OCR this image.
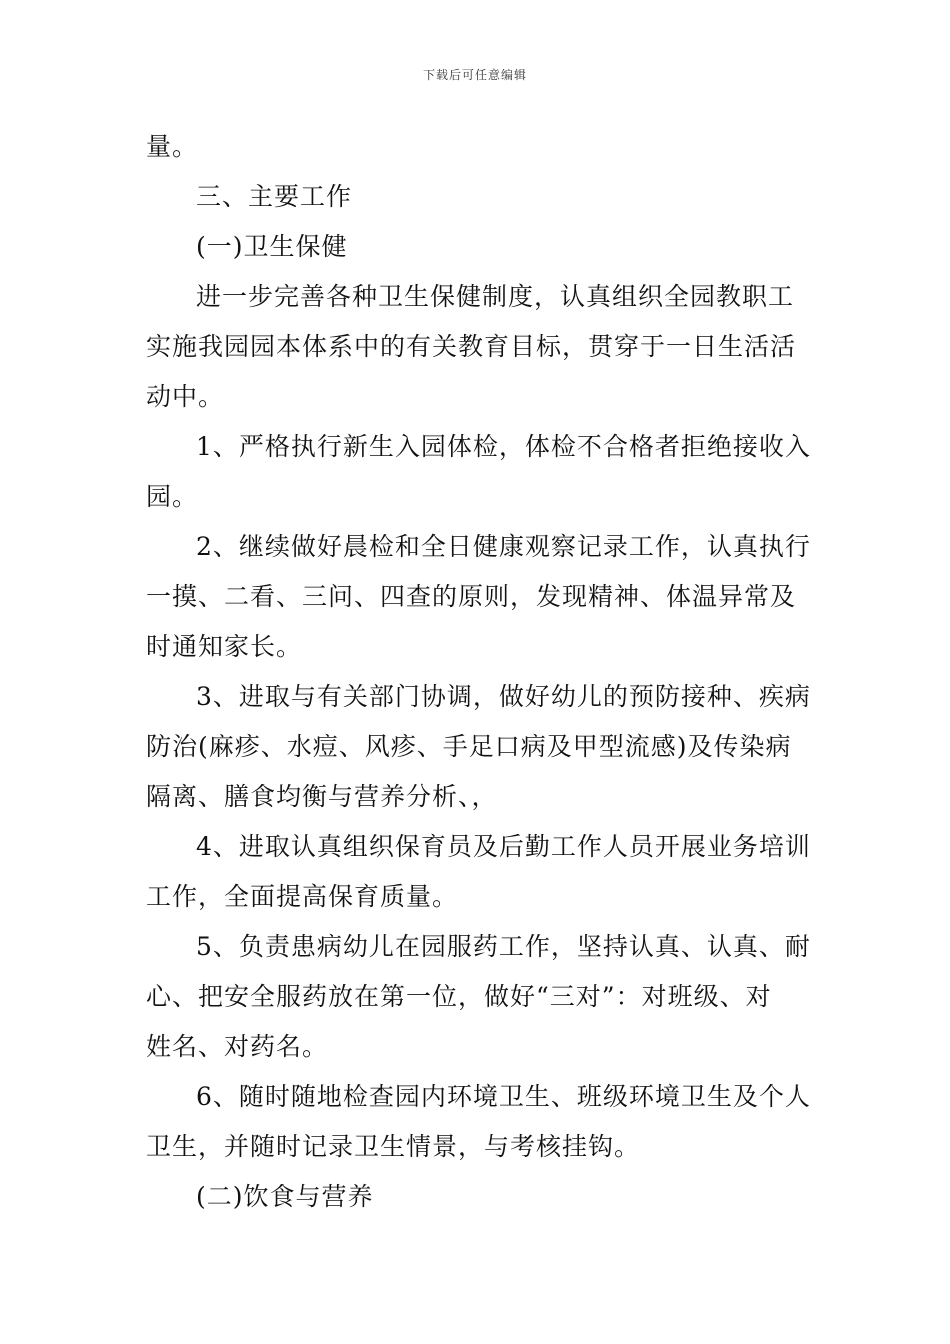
下载后可任意编辑
量。
三、主要工作
(一)卫生保健
进一步完善各种卫生保健制度，认真组织全园教职工
实施我园园本体系中的有关教育目标，贯穿于一日生活活
动中。
1、严格执行新生入园体检，体检不合格者拒绝接收入
园。
2、继续做好晨检和全日健康观察记录工作，认真执行
一摸、二看、三问、四查的原则，发现精神、体温异常及
时通知家长。
3、进取与有关部门协调，做好幼儿的预防接种、疾病
防治(麻疹、水痘、风疹、手足口病及甲型流感)及传染病
隔离、膳食均衡与营养分析、，
4、进取认真组织保育员及后勤工作人员开展业务培训
工作，全面提高保育质量。
5、负责患病幼儿在园服药工作，坚持认真、认真、耐
心、把安全服药放在第一位，做好“三对”：对班级、对
姓名、对药名。
6、随时随地检查园内环境卫生、班级环境卫生及个人
卫生，并随时记录卫生情景，与考核挂钩。
(二)饮食与营养
